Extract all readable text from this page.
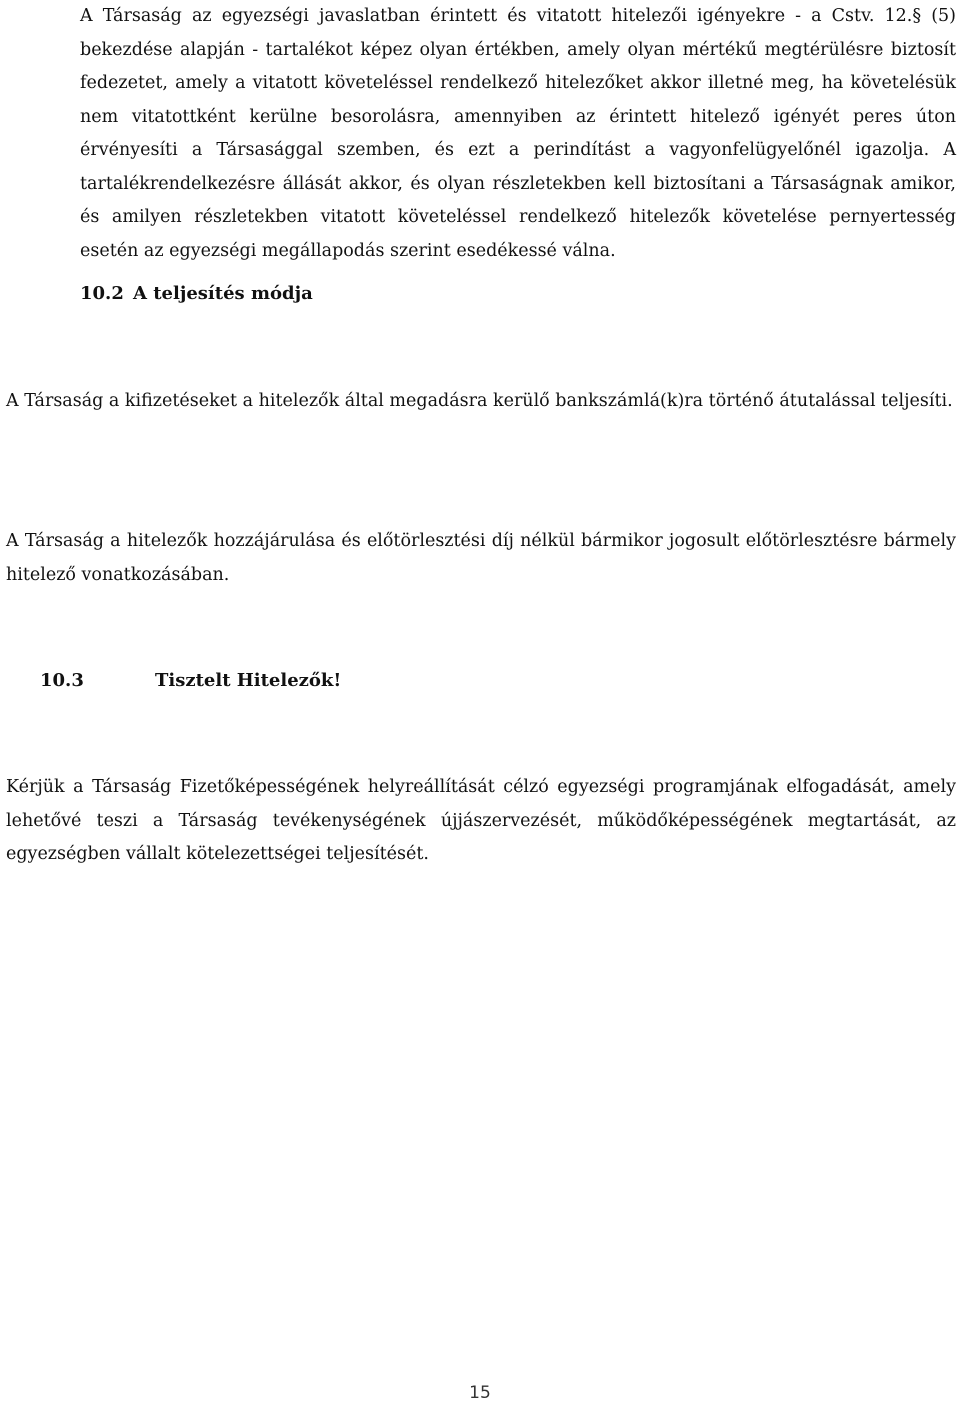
A Társaság az egyezségi javaslatban érintett és vitatott hitelezői igényekre - a Cstv. 12.§ (5) bekezdése alapján - tartalékot képez olyan értékben, amely olyan mértékű megtérülésre biztosít fedezetet, amely a vitatott követeléssel rendelkező hitelezőket akkor illetné meg, ha követelésük nem vitatottként kerülne besorolásra, amennyiben az érintett hitelező igényét peres úton érvényesíti a Társasággal szemben, és ezt a perindítást a vagyonfelügyelőnél igazolja. A tartalékrendelkezésre állását akkor, és olyan részletekben kell biztosítani a Társaságnak amikor, és amilyen részletekben vitatott követeléssel rendelkező hitelezők követelése pernyertesség esetén az egyezségi megállapodás szerint esedékessé válna.

10.2 A teljesítés módja

A Társaság a kifizetéseket a hitelezők által megadásra kerülő bankszámlá(k)ra történő átutalással teljesíti.

A Társaság a hitelezők hozzájárulása és előtörlesztési díj nélkül bármikor jogosult előtörlesztésre bármely hitelező vonatkozásában.

10.3	Tisztelt Hitelezők!

Kérjük a Társaság Fizetőképességének helyreállítását célzó egyezségi programjának elfogadását, amely lehetővé teszi a Társaság tevékenységének újjászervezését, működőképességének megtartását, az egyezségben vállalt kötelezettségei teljesítését.

15
